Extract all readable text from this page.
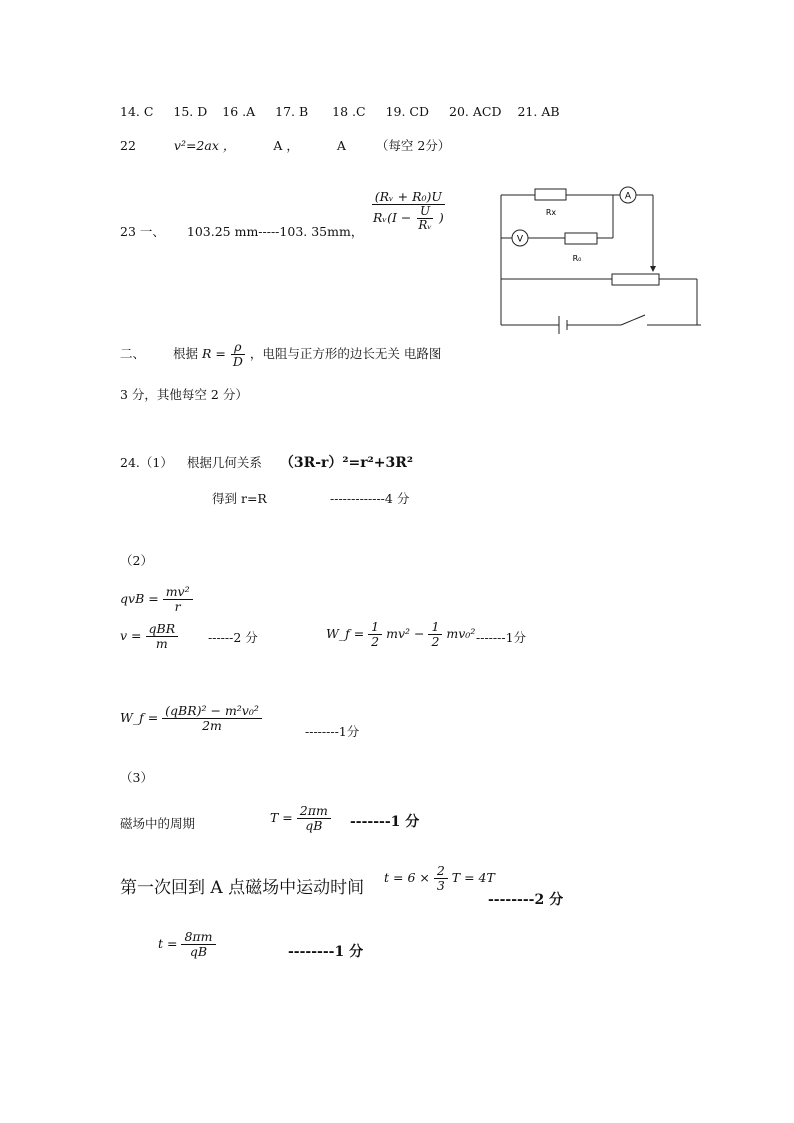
14. C 15. D 16 .A 17. B 18 .C 19. CD 20. ACD 21. AB
22	v²=2ax ，	A ，	A （每空 2分）
23 一、 103.25 mm-----103. 35mm， $\frac{\text{(Rᵥ + R₀)U}}{Rᵥ(I - \frac{U}{\text{Rᵥ}} )}$	A
V
Rx
R₀
二、 根据 $R = \frac{\rho}{D}$ ，电阻与正方形的边长无关 电路图
3 分，其他每空 2 分）
24.（1） 根据几何关系 （3R-r）²=r²+3R²
得到 r=R	-------------4 分
（2）
qvB = $\frac{\text{mv²}}{r}$
$v = \frac{\text{qBR}}{m} ------2$ 分	W_f = $\frac{1}{2} mv^2 - \frac{1}{2} mv_0^2$ -------1分
W_f = $\frac{\text{(qBR)² − m²v₀²}}{2m}$	--------1分
（3）
磁场中的周期	$T = \frac{2\pi m}{qB} -------1$ 分
第一次回到 A 点磁场中运动时间
$t = 6 \times \frac{2}{3}$ T = 4T
--------2 分
$t = \frac{8\pi m}{qB}$	--------1 分
